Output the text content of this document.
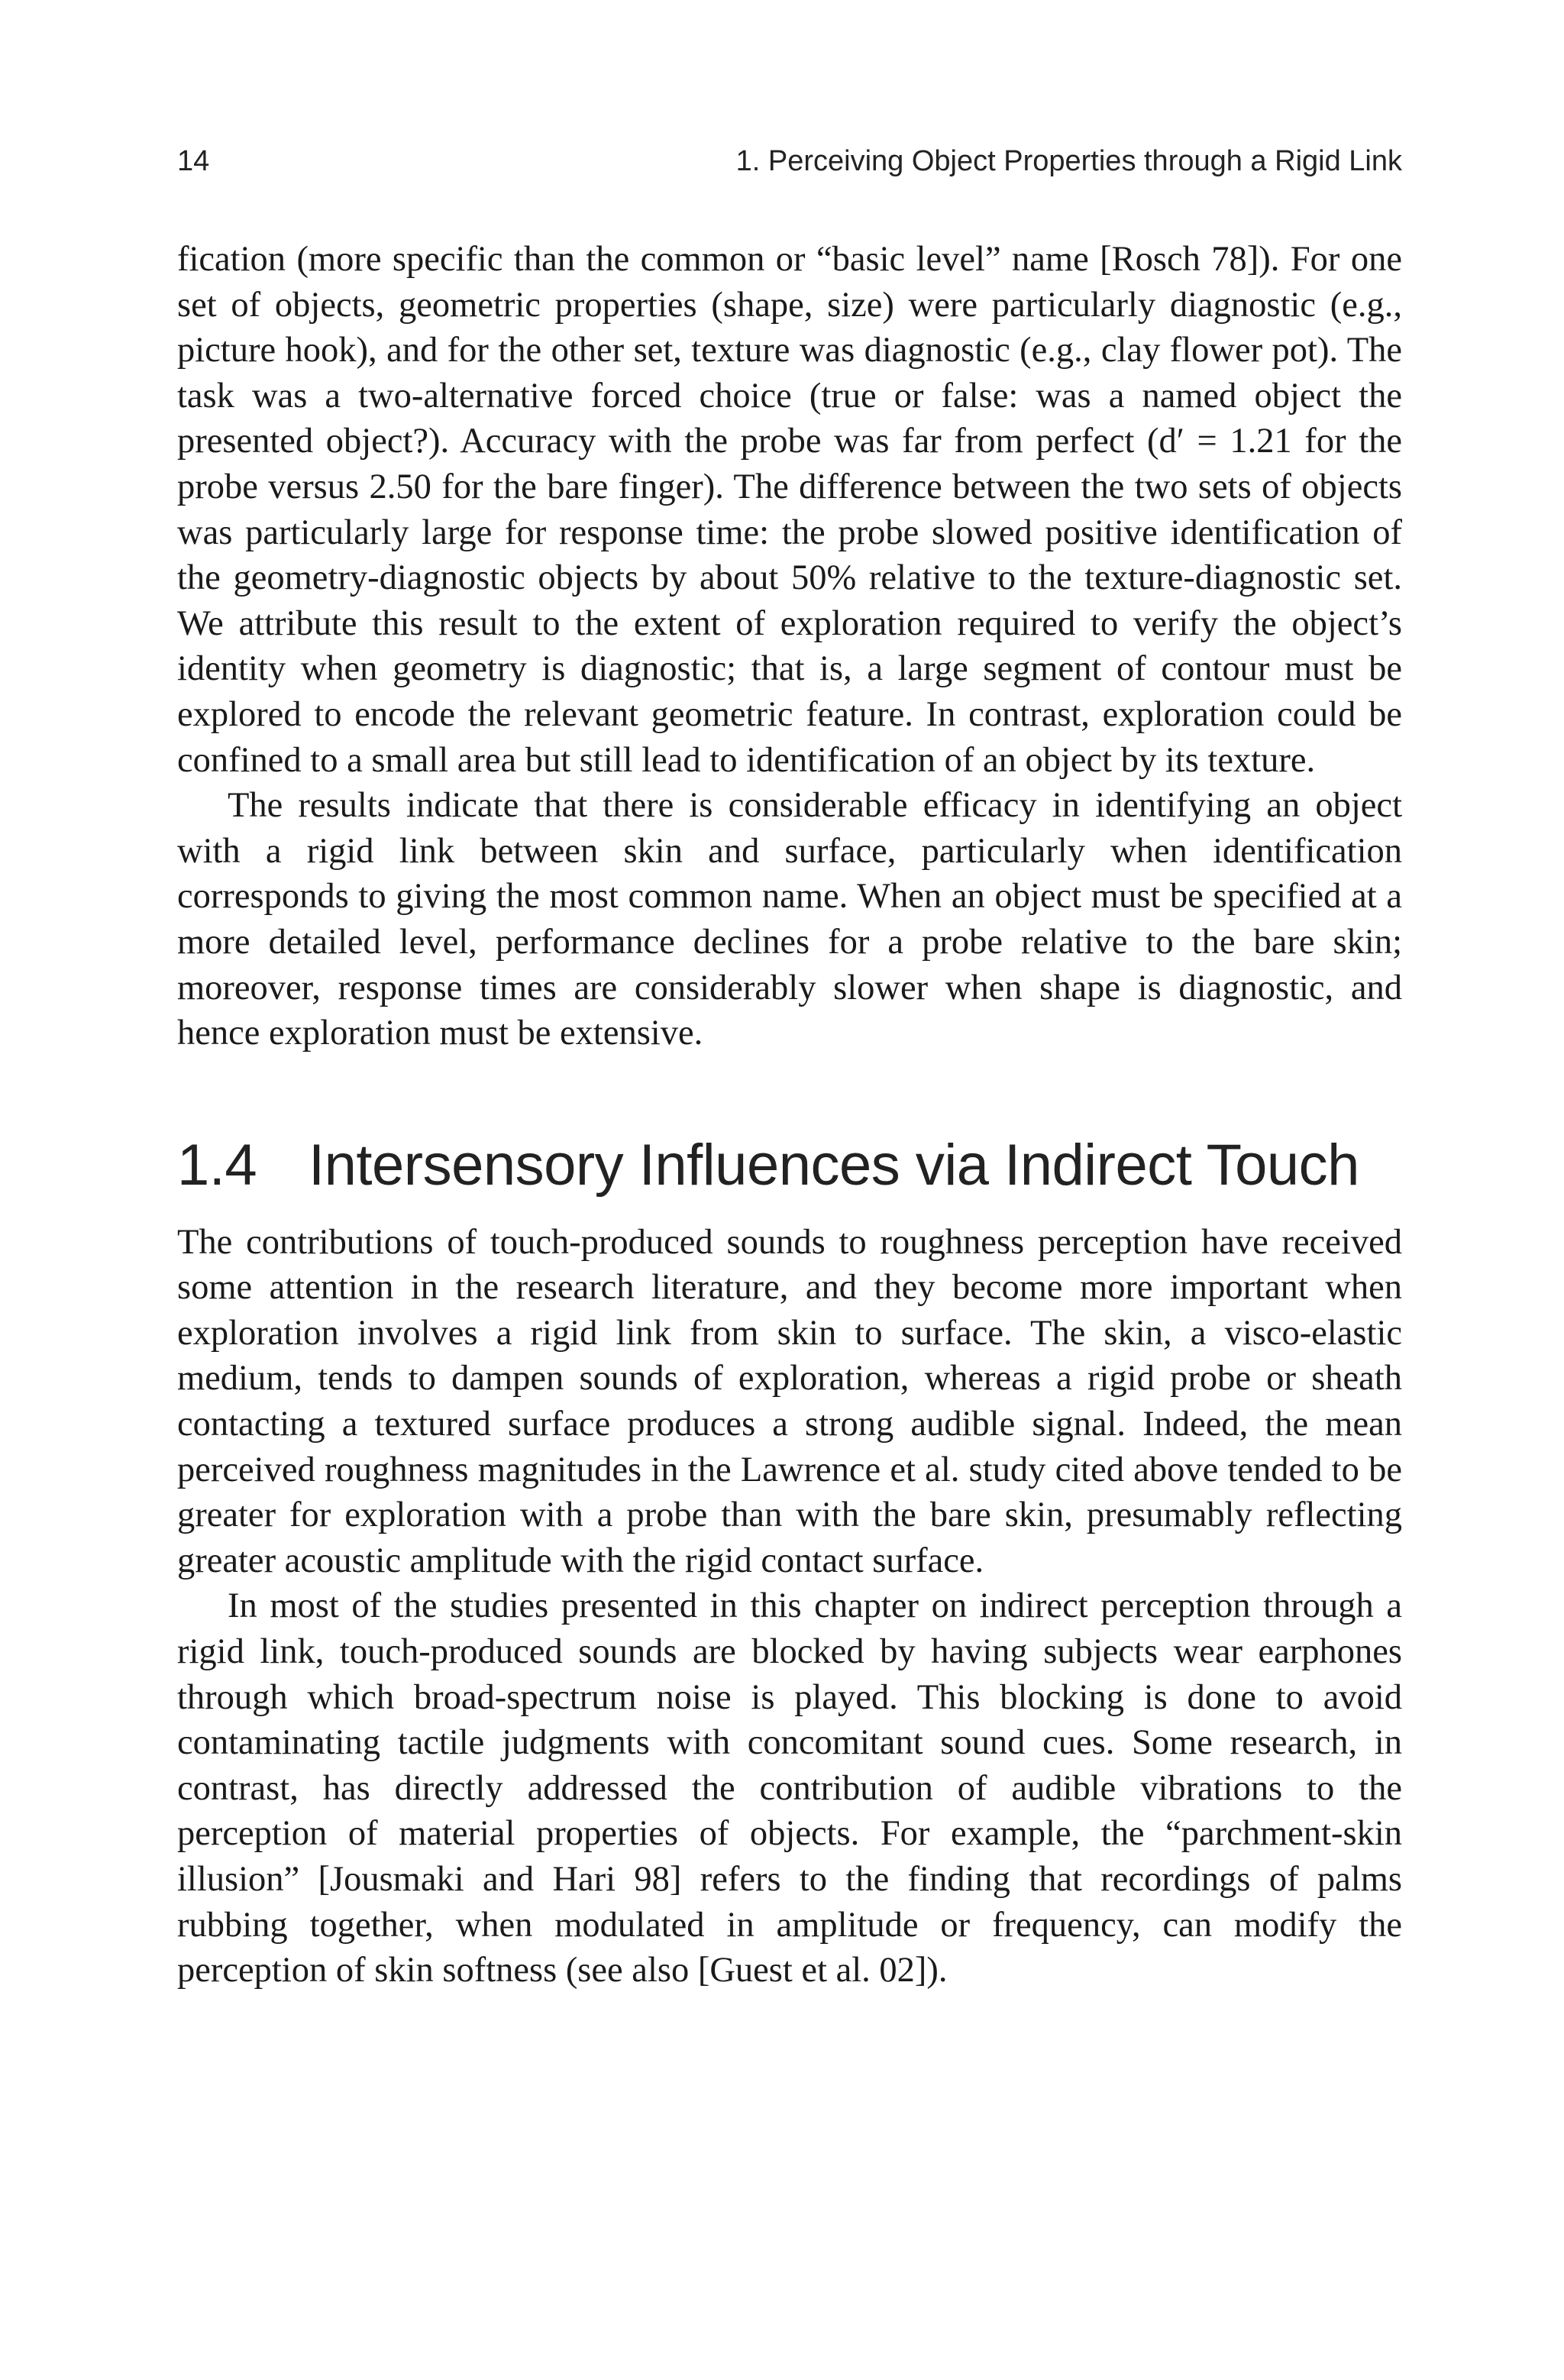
14	1. Perceiving Object Properties through a Rigid Link

fication (more specific than the common or “basic level” name [Rosch 78]). For one set of objects, geometric properties (shape, size) were particularly diagnostic (e.g., picture hook), and for the other set, texture was diagnostic (e.g., clay flower pot). The task was a two-alternative forced choice (true or false: was a named object the presented object?). Accuracy with the probe was far from perfect (d′ = 1.21 for the probe versus 2.50 for the bare finger). The difference between the two sets of objects was particularly large for response time: the probe slowed positive identification of the geometry-diagnostic objects by about 50% relative to the texture-diagnostic set. We attribute this result to the extent of exploration required to verify the object’s identity when geometry is diagnostic; that is, a large segment of contour must be explored to encode the relevant geometric feature. In contrast, exploration could be confined to a small area but still lead to identification of an object by its texture.

The results indicate that there is considerable efficacy in identifying an object with a rigid link between skin and surface, particularly when identification corresponds to giving the most common name. When an object must be specified at a more detailed level, performance declines for a probe relative to the bare skin; moreover, response times are considerably slower when shape is diagnostic, and hence exploration must be extensive.

1.4 Intersensory Influences via Indirect Touch

The contributions of touch-produced sounds to roughness perception have received some attention in the research literature, and they become more important when exploration involves a rigid link from skin to surface. The skin, a visco-elastic medium, tends to dampen sounds of exploration, whereas a rigid probe or sheath contacting a textured surface produces a strong audible signal. Indeed, the mean perceived roughness magnitudes in the Lawrence et al. study cited above tended to be greater for exploration with a probe than with the bare skin, presumably reflecting greater acoustic amplitude with the rigid contact surface.

In most of the studies presented in this chapter on indirect perception through a rigid link, touch-produced sounds are blocked by having subjects wear earphones through which broad-spectrum noise is played. This blocking is done to avoid contaminating tactile judgments with concomitant sound cues. Some research, in contrast, has directly addressed the contribution of audible vibrations to the perception of material properties of objects. For example, the “parchment-skin illusion” [Jousmaki and Hari 98] refers to the finding that recordings of palms rubbing together, when modulated in amplitude or frequency, can modify the perception of skin softness (see also [Guest et al. 02]).
